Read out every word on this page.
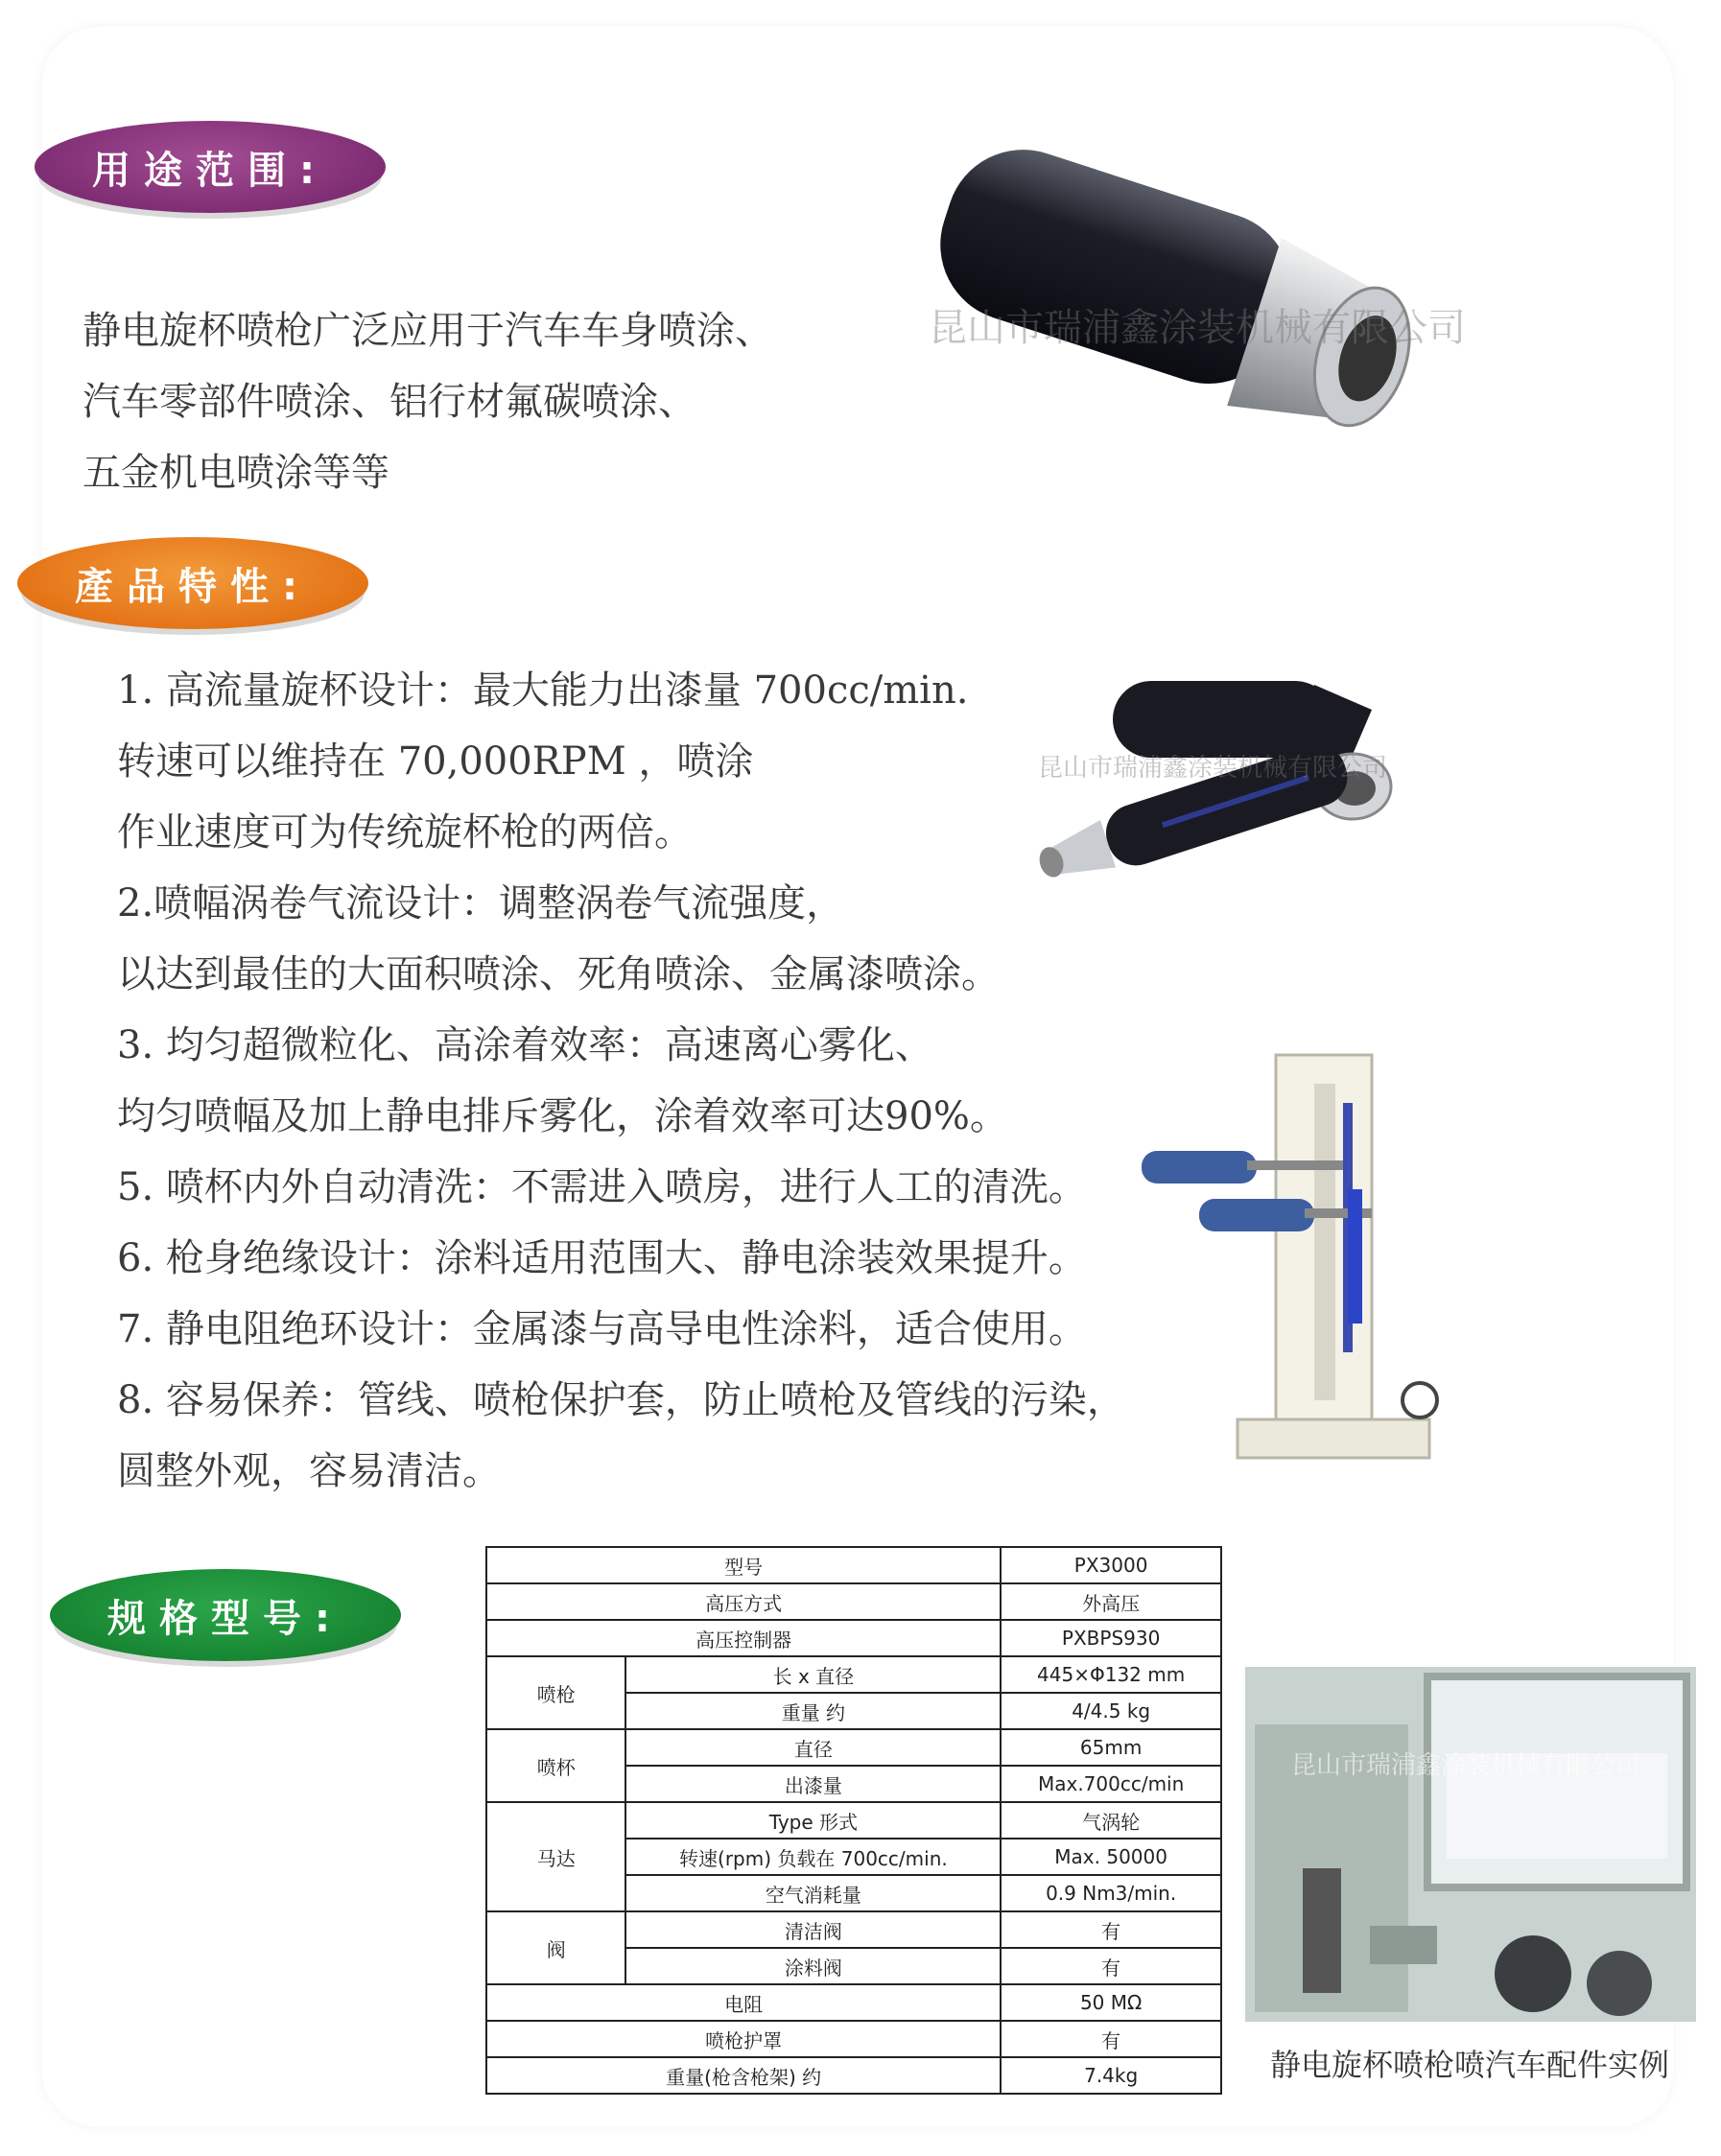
用途范围:
静电旋杯喷枪广泛应用于汽车车身喷涂、
汽车零部件喷涂、铝行材氟碳喷涂、
五金机电喷涂等等
昆山市瑞浦鑫涂装机械有限公司
產品特性:
1. 高流量旋杯设计：最大能力出漆量 700cc/min.
转速可以维持在 70,000RPM ，喷涂
作业速度可为传统旋杯枪的两倍。
2.喷幅涡卷气流设计：调整涡卷气流强度，
以达到最佳的大面积喷涂、死角喷涂、金属漆喷涂。
3. 均匀超微粒化、高涂着效率：高速离心雾化、
均匀喷幅及加上静电排斥雾化，涂着效率可达90%。
5. 喷杯内外自动清洗：不需进入喷房，进行人工的清洗。
6. 枪身绝缘设计：涂料适用范围大、静电涂装效果提升。
7. 静电阻绝环设计：金属漆与高导电性涂料，适合使用。
8. 容易保养：管线、喷枪保护套，防止喷枪及管线的污染，
圆整外观，容易清洁。
昆山市瑞浦鑫涂装机械有限公司
规格型号:
型号		PX3000
高压方式		外高压
高压控制器		PXBPS930
喷枪	长 x 直径	445×Φ132 mm
	重量 约	4/4.5 kg
喷杯	直径	65mm
	出漆量	Max.700cc/min
马达	Type 形式	气涡轮
	转速(rpm) 负载在 700cc/min.	Max. 50000
	空气消耗量	0.9 Nm3/min.
阀	清洁阀	有
	涂料阀	有
电阻		50 MΩ
喷枪护罩		有
重量(枪含枪架) 约		7.4kg
昆山市瑞浦鑫涂装机械有限公司
静电旋杯喷枪喷汽车配件实例
